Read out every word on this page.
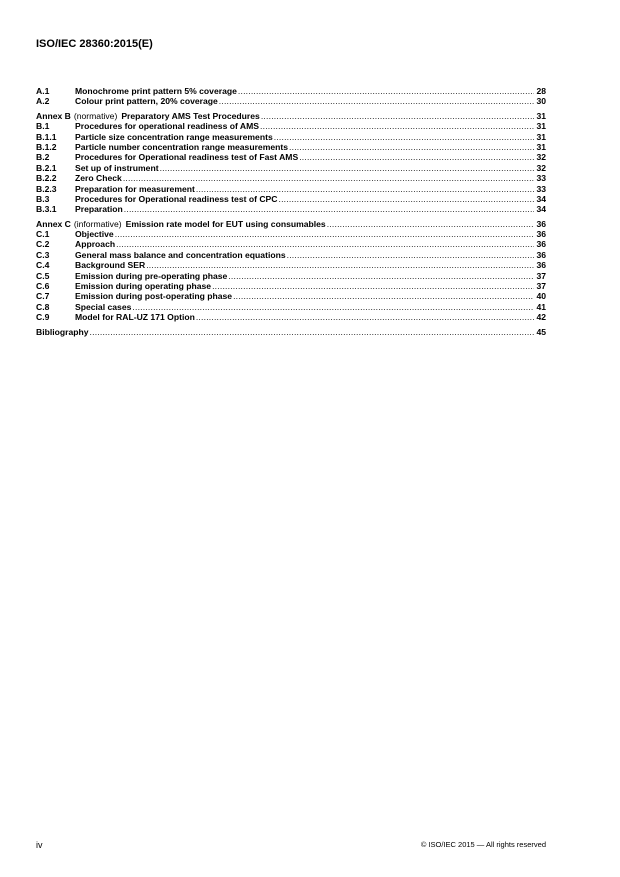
ISO/IEC 28360:2015(E)
A.1	Monochrome print pattern 5% coverage .....	28
A.2	Colour print pattern, 20% coverage .....	30
Annex B (normative) Preparatory AMS Test Procedures .....	31
B.1	Procedures for operational readiness of AMS .....	31
B.1.1	Particle size concentration range measurements .....	31
B.1.2	Particle number concentration range measurements .....	31
B.2	Procedures for Operational readiness test of Fast AMS .....	32
B.2.1	Set up of instrument .....	32
B.2.2	Zero Check .....	33
B.2.3	Preparation for measurement .....	33
B.3	Procedures for Operational readiness test of CPC .....	34
B.3.1	Preparation .....	34
Annex C (informative) Emission rate model for EUT using consumables .....	36
C.1	Objective .....	36
C.2	Approach .....	36
C.3	General mass balance and concentration equations .....	36
C.4	Background SER .....	36
C.5	Emission during pre-operating phase .....	37
C.6	Emission during operating phase .....	37
C.7	Emission during post-operating phase .....	40
C.8	Special cases .....	41
C.9	Model for RAL-UZ 171 Option .....	42
Bibliography .....	45
iv	© ISO/IEC 2015 — All rights reserved
